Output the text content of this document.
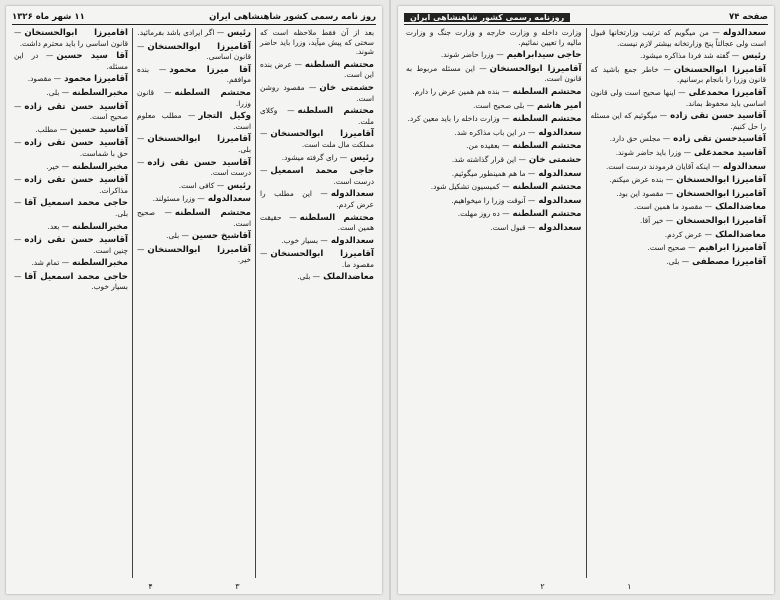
صفحه ۷۴
روزنامه رسمی کشور شاهنشاهی ایران

سعدالدوله— من میگویم که ترتیب وزارتخانها قبول است ولی عجالتاً پنج وزارتخانه بیشتر لازم نیست.

رئیس— گفته شد فردا مذاکره میشود.

آقامیرزا ابوالحسنخان— خاطر جمع باشید که قانون وزرا را بانجام برسانیم.

آقامیرزا محمدعلی— اینها صحیح است ولی قانون اساسی باید محفوظ بماند.

آقاسید حسن تقی زاده— میگوئیم که این مسئله را حل کنیم.

آقاسیدحسن تقی زاده— مجلس حق دارد.

آقاسید محمدعلی— وزرا باید حاضر شوند.

سعدالدوله— اینکه آقایان فرمودند درست است.

آقامیرزا ابوالحسنخان— بنده عرض میکنم.

آقامیرزا ابوالحسنخان— مقصود این بود.

معاضدالملک— مقصود ما همین است.

آقامیرزا ابوالحسنخان— خیر آقا.

معاضدالملک— عرض کردم.

آقامیرزا ابراهیم— صحیح است.

آقامیرزا مصطفی— بلی.

وزارت داخله و وزارت خارجه و وزارت جنگ و وزارت مالیه را تعیین نمائیم.

حاجی سیدابراهیم— وزرا حاضر شوند.

آقامیرزا ابوالحسنخان— این مسئله مربوط به قانون است.

محتشم السلطنه— بنده هم همین عرض را دارم.

امیر هاشم— بلی صحیح است.

محتشم السلطنه— وزارت داخله را باید معین کرد.

سعدالدوله— در این باب مذاکره شد.

محتشم السلطنه— بعقیده من.

حشمتی خان— این قرار گذاشته شد.

سعدالدوله— ما هم همینطور میگوئیم.

محتشم السلطنه— کمیسیون تشکیل شود.

سعدالدوله— آنوقت وزرا را میخواهیم.

محتشم السلطنه— ده روز مهلت.

سعدالدوله— قبول است.

۱ ۲
روز نامه رسمی کشور شاهنشاهی ایران
۱۱ شهر ماه ۱۳۲۶

بعد از آن فقط ملاحظه است که سختی که پیش میآید، وزرا باید حاضر شوند.

محتشم السلطنه— عرض بنده این است.

حشمتی خان— مقصود روشن است.

محتشم السلطنه— وکلای ملت.

آقامیرزا ابوالحسنخان— مملکت مال ملت است.

رئیس— رای گرفته میشود.

حاجی محمد اسمعیل— درست است.

سعدالدوله— این مطلب را عرض کردم.

محتشم السلطنه— حقیقت همین است.

سعدالدوله— بسیار خوب.

آقامیرزا ابوالحسنخان— مقصود ما.

معاضدالملک— بلی.

رئیس— اگر ایرادی باشد بفرمائید.

آقامیرزا ابوالحسنخان— قانون اساسی.

آقا میرزا محمود— بنده موافقم.

محتشم السلطنه— قانون وزرا.

وکیل التجار— مطلب معلوم است.

آقامیرزا ابوالحسنخان— بلی.

آقاسید حسن تقی زاده— درست است.

رئیس— کافی است.

سعدالدوله— وزرا مسئولند.

محتشم السلطنه— صحیح است.

آقاشیخ حسین— بلی.

آقامیرزا ابوالحسنخان— خیر.

آقامیرزا ابوالحسنخان— قانون اساسی را باید محترم داشت.

آقا سید حسین— در این مسئله.

آقامیرزا محمود— مقصود.

مخبرالسلطنه— بلی.

آقاسید حسن تقی زاده— صحیح است.

آقاسید حسین— مطلب.

آقاسید حسن تقی زاده— حق با شماست.

مخبرالسلطنه— خیر.

آقاسید حسن تقی زاده— مذاکرات.

حاجی محمد اسمعیل آقا— بلی.

مخبرالسلطنه— بعد.

آقاسید حسن تقی زاده— چنین است.

مخبرالسلطنه— تمام شد.

حاجی محمد اسمعیل آقا— بسیار خوب.

۳ ۴
